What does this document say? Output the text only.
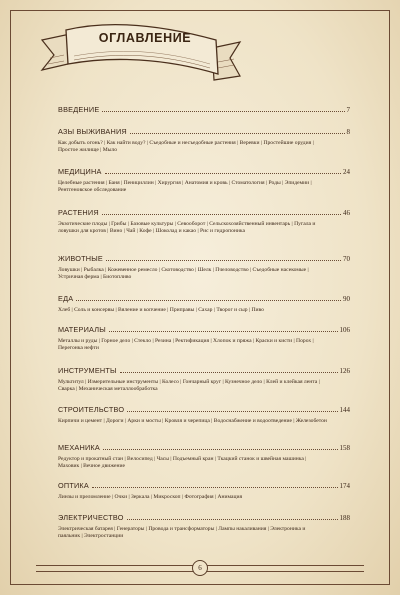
ОГЛАВЛЕНИЕ
ВВЕДЕНИЕ	7
АЗЫ ВЫЖИВАНИЯ	8
Как добыть огонь? | Как найти воду? | Съедобные и несъедобные растения | Веревки | Простейшие орудия | Простое жилище | Мыло
МЕДИЦИНА	24
Целебные растения | Баня | Пенициллин | Хирургия | Анатомия и кровь | Стоматология | Роды | Эпидемии | Рентгеновское обследование
РАСТЕНИЯ	46
Экзотические плоды | Грибы | Базовые культуры | Севооборот | Сельскохозяйственный инвентарь | Пугала и ловушки для кротов | Вино | Чай | Кофе | Шоколад и какао | Рис и гидропоника
ЖИВОТНЫЕ	70
Ловушки | Рыбалка | Кожевенное ремесло | Скотоводство | Шелк | Пчеловодство | Съедобные насекомые | Устричная ферма | Биотопливо
ЕДА	90
Хлеб | Соль и консервы | Вяление и копчение | Приправы | Сахар | Творог и сыр | Пиво
МАТЕРИАЛЫ	106
Металлы и руды | Горное дело | Стекло | Резина | Ректификация | Хлопок и пряжа | Краски и кисти | Порох | Перегонка нефти
ИНСТРУМЕНТЫ	126
Мультитул | Измерительные инструменты | Колесо | Гончарный круг | Кузнечное дело | Клей и клейкая лента | Сварка | Механическая металлообработка
СТРОИТЕЛЬСТВО	144
Кирпичи и цемент | Дороги | Арки и мосты | Кровля и черепица | Водоснабжение и водоотведение | Железобетон
МЕХАНИКА	158
Редуктор и прокатный стан | Велосипед | Часы | Подъемный кран | Ткацкий станок и швейная машинка | Маховик | Вечное движение
ОПТИКА	174
Линзы и преломление | Очки | Зеркала | Микроскоп | Фотография | Анимация
ЭЛЕКТРИЧЕСТВО	188
Электрическая батарея | Генераторы | Провода и трансформаторы | Лампы накаливания | Электроника и паяльник | Электростанции
6
